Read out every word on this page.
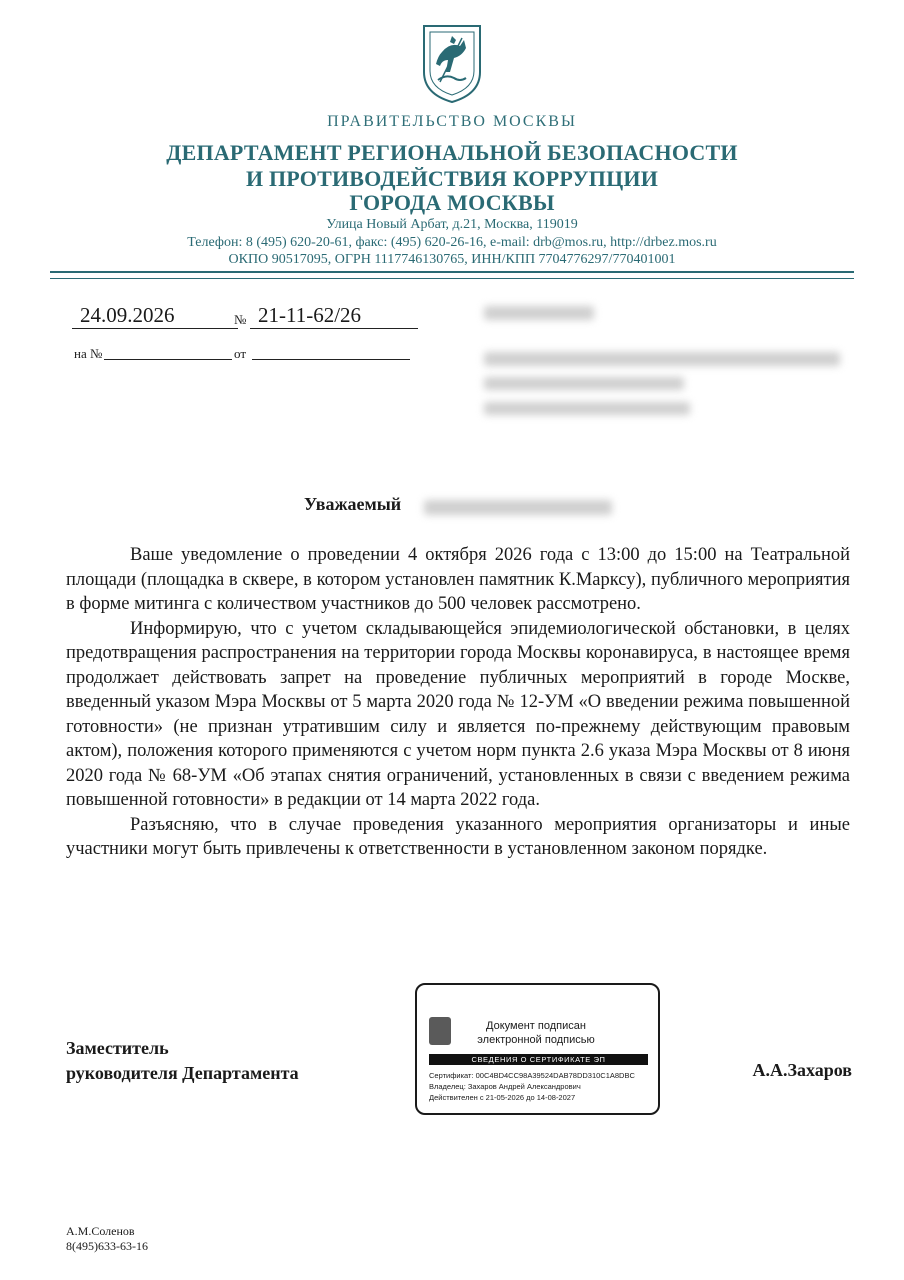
ПРАВИТЕЛЬСТВО МОСКВЫ
ДЕПАРТАМЕНТ РЕГИОНАЛЬНОЙ БЕЗОПАСНОСТИ
И ПРОТИВОДЕЙСТВИЯ КОРРУПЦИИ
ГОРОДА МОСКВЫ
Улица Новый Арбат, д.21, Москва, 119019
Телефон: 8 (495) 620-20-61, факс: (495) 620-26-16, e-mail: drb@mos.ru, http://drbez.mos.ru
ОКПО 90517095, ОГРН 1117746130765, ИНН/КПП 7704776297/770401001
24.09.2026	№ 21-11-62/26
на №	от
Уважаемый

Ваше уведомление о проведении 4 октября 2026 года с 13:00 до 15:00 на Театральной площади (площадка в сквере, в котором установлен памятник К.Марксу), публичного мероприятия в форме митинга с количеством участников до 500 человек рассмотрено.

Информирую, что с учетом складывающейся эпидемиологической обстановки, в целях предотвращения распространения на территории города Москвы коронавируса, в настоящее время продолжает действовать запрет на проведение публичных мероприятий в городе Москве, введенный указом Мэра Москвы от 5 марта 2020 года № 12-УМ «О введении режима повышенной готовности» (не признан утратившим силу и является по-прежнему действующим правовым актом), положения которого применяются с учетом норм пункта 2.6 указа Мэра Москвы от 8 июня 2020 года № 68-УМ «Об этапах снятия ограничений, установленных в связи с введением режима повышенной готовности» в редакции от 14 марта 2022 года.

Разъясняю, что в случае проведения указанного мероприятия организаторы и иные участники могут быть привлечены к ответственности в установленном законом порядке.

Заместитель
руководителя Департамента	А.А.Захаров
Документ подписан
электронной подписью
СВЕДЕНИЯ О СЕРТИФИКАТЕ ЭП
Сертификат: 00C4BD4CC98A39524DAB78DD310C1A8DBC
Владелец: Захаров Андрей Александрович
Действителен с 21-05-2026 до 14-08-2027
А.М.Соленов
8(495)633-63-16
